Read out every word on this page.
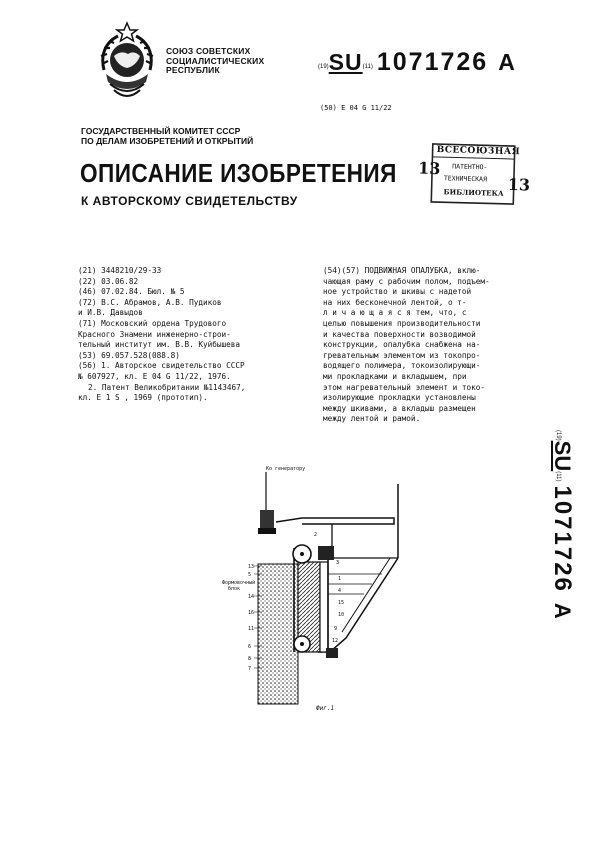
СОЮЗ СОВЕТСКИХ
СОЦИАЛИСТИЧЕСКИХ
РЕСПУБЛИК	(19)SU(11) 1071726 A
(50) E 04 G 11/22
ГОСУДАРСТВЕННЫЙ КОМИТЕТ СССР
ПО ДЕЛАМ ИЗОБРЕТЕНИЙ И ОТКРЫТИЙ
ОПИСАНИЕ ИЗОБРЕТЕНИЯ
К АВТОРСКОМУ СВИДЕТЕЛЬСТВУ
ВСЕСОЮЗНАЯ
ПАТЕНТНО-
ТЕХНИЧЕСКАЯ
БИБЛИОТЕКА
13
13
(21) 3448210/29-33
(22) 03.06.82
(46) 07.02.84. Бюл. № 5
(72) В.С. Абрамов, А.В. Пудиков
и И.В. Давыдов
(71) Московский ордена Трудового
Красного Знамени инженерно-строи-
тельный институт им. В.В. Куйбышева
(53) 69.057.528(088.8)
(56) 1. Авторское свидетельство СССР
№ 607927, кл. E 04 G 11/22, 1976.
2. Патент Великобритании №1143467,
кл. E 1 S , 1969 (прототип).
(54)(57) ПОДВИЖНАЯ ОПАЛУБКА, вклю-
чающая раму с рабочим полом, подъем-
ное устройство и шкивы с надетой
на них бесконечной лентой, о т-
л и ч а ю щ а я с я тем, что, с
целью повышения производительности
и качества поверхности возводимой
конструкции, опалубка снабжена на-
гревательным элементом из токопро-
водящего полимера, токоизолирующи-
ми прокладками и вкладышем, при
этом нагревательный элемент и токо-
изолирующие прокладки установлены
между шкивами, а вкладыш размещен
между лентой и рамой.
(19)SU(11)1071726A
Ко генератору
Формовочный
блок
13
5
14
16
11
6
8
7
2
3
1
4
15
10
9
12
Фиг.1
